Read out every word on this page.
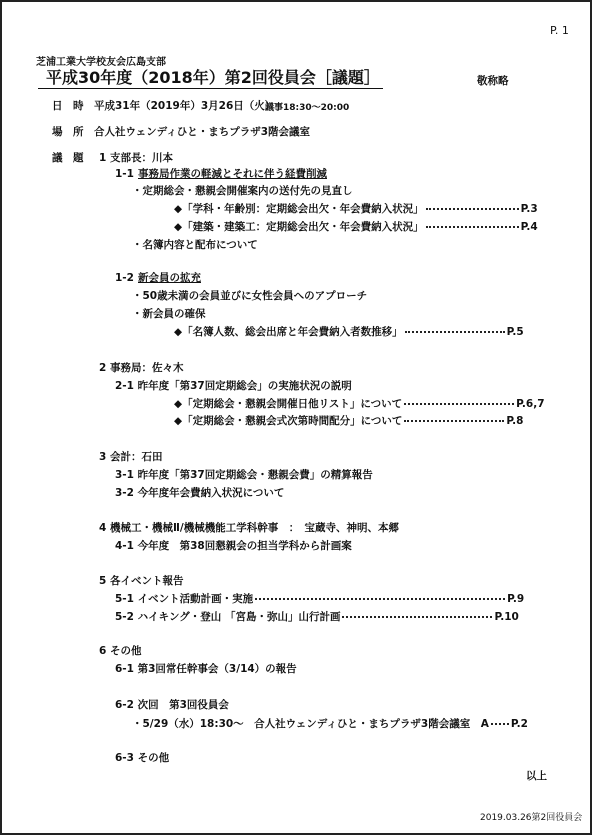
P. 1
芝浦工業大学校友会広島支部
平成30年度（2018年）第2回役員会［議題］	敬称略
日　時 平成31年（2019年）3月26日（火）
議事18:30～20:00
場　所 合人社ウェンディひと・まちプラザ3階会議室
議　題 1 支部長：川本
1-1 事務局作業の軽減とそれに伴う経費削減
・定期総会・懇親会開催案内の送付先の見直し
◆「学科・年齢別：定期総会出欠・年会費納入状況」	P.3
◆「建築・建築工：定期総会出欠・年会費納入状況」	P.4
・名簿内容と配布について
1-2 新会員の拡充
・50歳未満の会員並びに女性会員へのアプローチ
・新会員の確保
◆「名簿人数、総会出席と年会費納入者数推移」	P.5
2 事務局：佐々木
2-1 昨年度「第37回定期総会」の実施状況の説明
◆「定期総会・懇親会開催日他リスト」について	P.6,7
◆「定期総会・懇親会式次第時間配分」について	P.8
3 会計：石田
3-1 昨年度「第37回定期総会・懇親会費」の精算報告
3-2 今年度年会費納入状況について
4 機械工・機械Ⅱ/機械機能工学科幹事　：　宝蔵寺、神明、本郷
4-1 今年度　第38回懇親会の担当学科から計画案
5 各イベント報告
5-1 イベント活動計画・実施	P.9
5-2 ハイキング・登山 「宮島・弥山」山行計画	P.10
6 その他
6-1 第3回常任幹事会（3/14）の報告
6-2 次回　第3回役員会
・5/29（水）18:30～　合人社ウェンディひと・まちプラザ3階会議室　A P.2
6-3 その他
以上
2019.03.26第2回役員会
